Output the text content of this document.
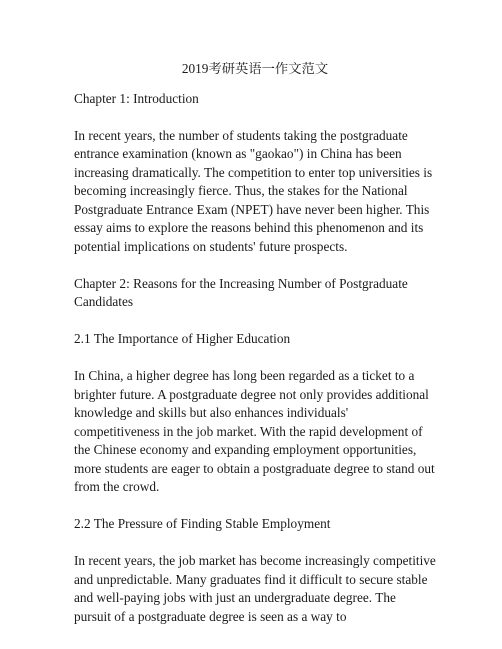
2019考研英语一作文范文
Chapter 1: Introduction

In recent years, the number of students taking the postgraduate entrance examination (known as "gaokao") in China has been increasing dramatically. The competition to enter top universities is becoming increasingly fierce. Thus, the stakes for the National Postgraduate Entrance Exam (NPET) have never been higher. This essay aims to explore the reasons behind this phenomenon and its potential implications on students' future prospects.

Chapter 2: Reasons for the Increasing Number of Postgraduate Candidates
2.1 The Importance of Higher Education

In China, a higher degree has long been regarded as a ticket to a brighter future. A postgraduate degree not only provides additional knowledge and skills but also enhances individuals' competitiveness in the job market. With the rapid development of the Chinese economy and expanding employment opportunities, more students are eager to obtain a postgraduate degree to stand out from the crowd.

2.2 The Pressure of Finding Stable Employment

In recent years, the job market has become increasingly competitive and unpredictable. Many graduates find it difficult to secure stable and well-paying jobs with just an undergraduate degree. The pursuit of a postgraduate degree is seen as a way to
